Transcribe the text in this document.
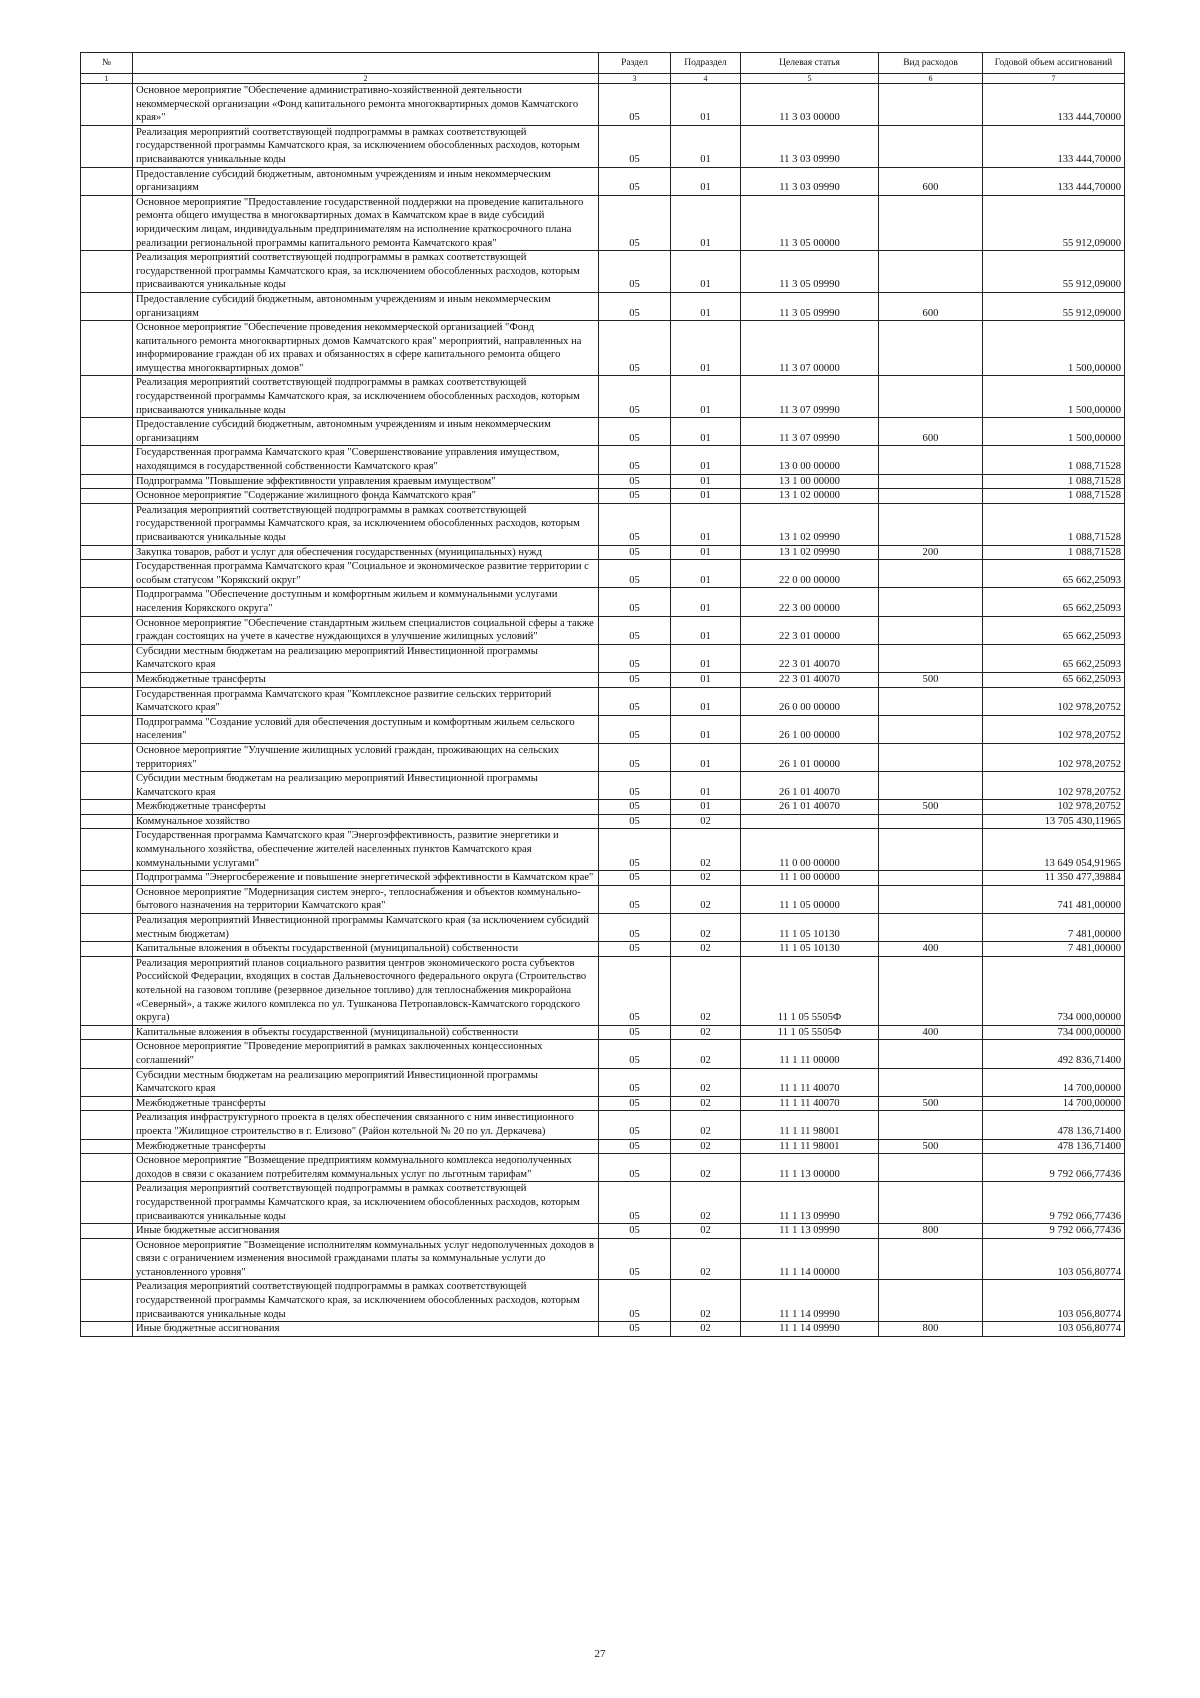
№		Раздел	Подраздел	Целевая статья	Вид расходов	Годовой объем ассигнований
1	2	3	4	5	6	7
	Основное мероприятие "Обеспечение административно-хозяйственной деятельности некоммерческой организации «Фонд капитального ремонта многоквартирных домов Камчатского края»"	05	01	11 3 03 00000		133 444,70000
	Реализация мероприятий соответствующей подпрограммы в рамках соответствующей государственной программы Камчатского края, за исключением обособленных расходов, которым присваиваются уникальные коды	05	01	11 3 03 09990		133 444,70000
	Предоставление субсидий бюджетным, автономным учреждениям и иным некоммерческим организациям	05	01	11 3 03 09990	600	133 444,70000
	Основное мероприятие "Предоставление государственной поддержки на проведение капитального ремонта общего имущества в многоквартирных домах в Камчатском крае в виде субсидий юридическим лицам, индивидуальным предпринимателям на исполнение краткосрочного плана реализации региональной программы капитального ремонта Камчатского края"	05	01	11 3 05 00000		55 912,09000
	Реализация мероприятий соответствующей подпрограммы в рамках соответствующей государственной программы Камчатского края, за исключением обособленных расходов, которым присваиваются уникальные коды	05	01	11 3 05 09990		55 912,09000
	Предоставление субсидий бюджетным, автономным учреждениям и иным некоммерческим организациям	05	01	11 3 05 09990	600	55 912,09000
	Основное мероприятие "Обеспечение проведения некоммерческой организацией "Фонд капитального ремонта многоквартирных домов Камчатского края" мероприятий, направленных на информирование граждан об их правах и обязанностях в сфере капитального ремонта общего имущества многоквартирных домов"	05	01	11 3 07 00000		1 500,00000
	Реализация мероприятий соответствующей подпрограммы в рамках соответствующей государственной программы Камчатского края, за исключением обособленных расходов, которым присваиваются уникальные коды	05	01	11 3 07 09990		1 500,00000
	Предоставление субсидий бюджетным, автономным учреждениям и иным некоммерческим организациям	05	01	11 3 07 09990	600	1 500,00000
	Государственная программа Камчатского края "Совершенствование управления имуществом, находящимся в государственной собственности Камчатского края"	05	01	13 0 00 00000		1 088,71528
	Подпрограмма "Повышение эффективности управления краевым имуществом"	05	01	13 1 00 00000		1 088,71528
	Основное мероприятие "Содержание жилищного фонда Камчатского края"	05	01	13 1 02 00000		1 088,71528
	Реализация мероприятий соответствующей подпрограммы в рамках соответствующей государственной программы Камчатского края, за исключением обособленных расходов, которым присваиваются уникальные коды	05	01	13 1 02 09990		1 088,71528
	Закупка товаров, работ и услуг для обеспечения государственных (муниципальных) нужд	05	01	13 1 02 09990	200	1 088,71528
	Государственная программа Камчатского края "Социальное и экономическое развитие территории с особым статусом "Корякский округ"	05	01	22 0 00 00000		65 662,25093
	Подпрограмма "Обеспечение доступным и комфортным жильем и коммунальными услугами населения Корякского округа"	05	01	22 3 00 00000		65 662,25093
	Основное мероприятие "Обеспечение стандартным жильем специалистов социальной сферы а также граждан состоящих на учете в качестве нуждающихся в улучшение жилищных условий"	05	01	22 3 01 00000		65 662,25093
	Субсидии местным бюджетам на реализацию мероприятий Инвестиционной программы Камчатского края	05	01	22 3 01 40070		65 662,25093
	Межбюджетные трансферты	05	01	22 3 01 40070	500	65 662,25093
	Государственная программа Камчатского края "Комплексное развитие сельских территорий Камчатского края"	05	01	26 0 00 00000		102 978,20752
	Подпрограмма "Создание условий для обеспечения доступным и комфортным жильем сельского населения"	05	01	26 1 00 00000		102 978,20752
	Основное мероприятие "Улучшение жилищных условий граждан, проживающих на сельских территориях"	05	01	26 1 01 00000		102 978,20752
	Субсидии местным бюджетам на реализацию мероприятий Инвестиционной программы Камчатского края	05	01	26 1 01 40070		102 978,20752
	Межбюджетные трансферты	05	01	26 1 01 40070	500	102 978,20752
	Коммунальное хозяйство	05	02			13 705 430,11965
	Государственная программа Камчатского края "Энергоэффективность, развитие энергетики и коммунального хозяйства, обеспечение жителей населенных пунктов Камчатского края коммунальными услугами"	05	02	11 0 00 00000		13 649 054,91965
	Подпрограмма "Энергосбережение и повышение энергетической эффективности в Камчатском крае"	05	02	11 1 00 00000		11 350 477,39884
	Основное мероприятие "Модернизация систем энерго-, теплоснабжения и объектов коммунально-бытового назначения на территории Камчатского края"	05	02	11 1 05 00000		741 481,00000
	Реализация мероприятий Инвестиционной программы Камчатского края (за исключением субсидий местным бюджетам)	05	02	11 1 05 10130		7 481,00000
	Капитальные вложения в объекты государственной (муниципальной) собственности	05	02	11 1 05 10130	400	7 481,00000
	Реализация мероприятий планов социального развития центров экономического роста субъектов Российской Федерации, входящих в состав Дальневосточного федерального округа (Строительство котельной на газовом топливе (резервное дизельное топливо) для теплоснабжения микрорайона «Северный», а также жилого комплекса по ул. Тушканова Петропавловск-Камчатского городского округа)	05	02	11 1 05 5505Ф		734 000,00000
	Капитальные вложения в объекты государственной (муниципальной) собственности	05	02	11 1 05 5505Ф	400	734 000,00000
	Основное мероприятие "Проведение мероприятий в рамках заключенных концессионных соглашений"	05	02	11 1 11 00000		492 836,71400
	Субсидии местным бюджетам на реализацию мероприятий Инвестиционной программы Камчатского края	05	02	11 1 11 40070		14 700,00000
	Межбюджетные трансферты	05	02	11 1 11 40070	500	14 700,00000
	Реализация инфраструктурного проекта в целях обеспечения связанного с ним инвестиционного проекта "Жилищное строительство в г. Елизово" (Район котельной № 20 по ул. Деркачева)	05	02	11 1 11 98001		478 136,71400
	Межбюджетные трансферты	05	02	11 1 11 98001	500	478 136,71400
	Основное мероприятие "Возмещение предприятиям коммунального комплекса недополученных доходов в связи с оказанием потребителям коммунальных услуг по льготным тарифам"	05	02	11 1 13 00000		9 792 066,77436
	Реализация мероприятий соответствующей подпрограммы в рамках соответствующей государственной программы Камчатского края, за исключением обособленных расходов, которым присваиваются уникальные коды	05	02	11 1 13 09990		9 792 066,77436
	Иные бюджетные ассигнования	05	02	11 1 13 09990	800	9 792 066,77436
	Основное мероприятие "Возмещение исполнителям коммунальных услуг недополученных доходов в связи с ограничением изменения вносимой гражданами платы за коммунальные услуги до установленного уровня"	05	02	11 1 14 00000		103 056,80774
	Реализация мероприятий соответствующей подпрограммы в рамках соответствующей государственной программы Камчатского края, за исключением обособленных расходов, которым присваиваются уникальные коды	05	02	11 1 14 09990		103 056,80774
	Иные бюджетные ассигнования	05	02	11 1 14 09990	800	103 056,80774
27
